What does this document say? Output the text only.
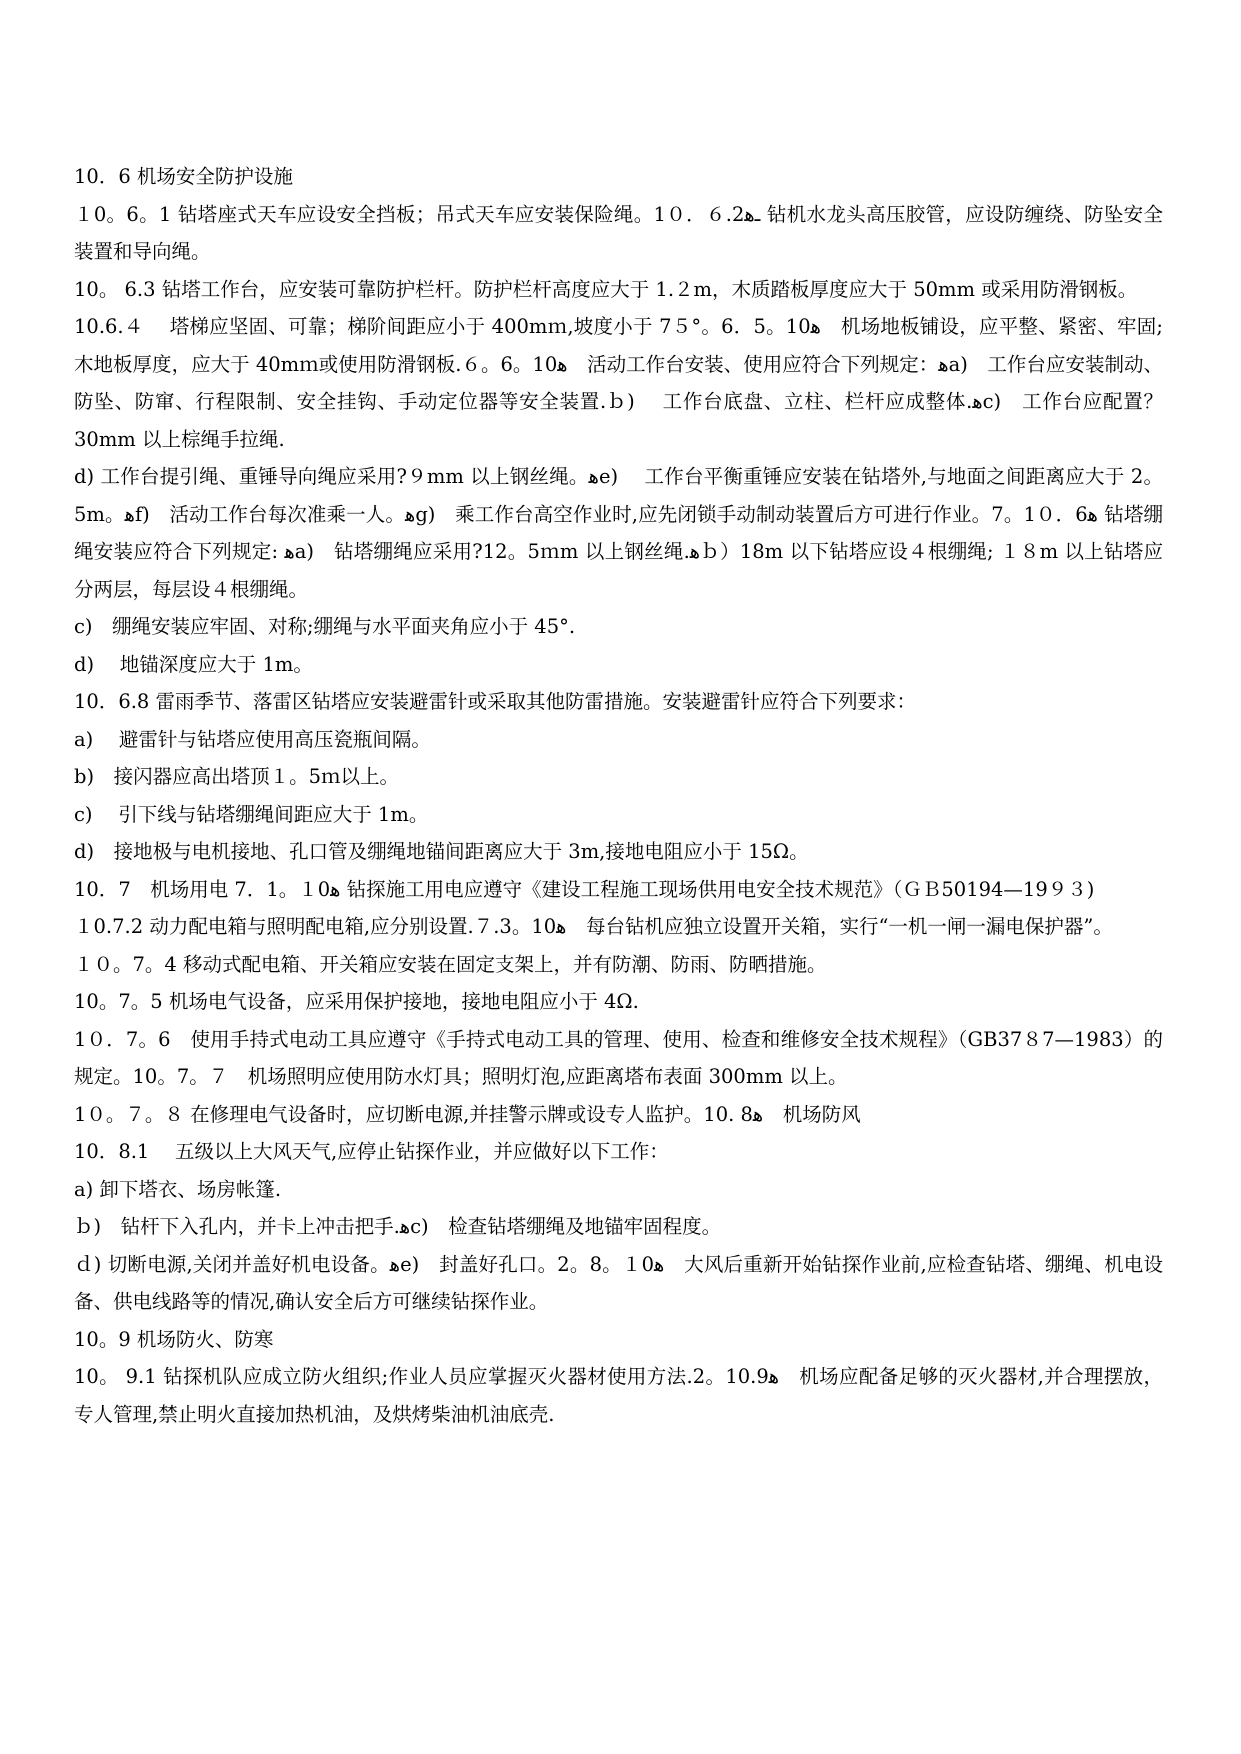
10．6 机场安全防护设施

１0。6。1 钻塔座式天车应设安全挡板；吊式天车应安装保险绳。1０．６.2ـﻫ 钻机水龙头高压胶管，应设防缠绕、防坠安全装置和导向绳。

10。 6.3 钻塔工作台，应安装可靠防护栏杆。防护栏杆高度应大于 1.２m，木质踏板厚度应大于 50mm 或采用防滑钢板。

10.6.４　 塔梯应坚固、可靠；梯阶间距应小于 400mｍ,坡度小于 7５°。6．5。10ﻫ　机场地板铺设，应平整、紧密、牢固;木地板厚度，应大于 40mｍ或使用防滑钢板.６。6。10ﻫ　活动工作台安装、使用应符合下列规定：ﻫa)　工作台应安装制动、防坠、防窜、行程限制、安全挂钩、手动定位器等安全装置.ｂ)　 工作台底盘、立柱、栏杆应成整体.ﻫc)　工作台应配置？30mm 以上棕绳手拉绳.

d) 工作台提引绳、重锤导向绳应采用?９mm 以上钢丝绳。ﻫe)　 工作台平衡重锤应安装在钻塔外,与地面之间距离应大于 2。5m。ﻫf)　活动工作台每次准乘一人。ﻫg)　乘工作台高空作业时,应先闭锁手动制动装置后方可进行作业。7。1０．6ﻫ 钻塔绷绳安装应符合下列规定: ﻫa)　钻塔绷绳应采用?12。5ｍm 以上钢丝绳.ﻫｂ）18m 以下钻塔应设４根绷绳; １８m 以上钻塔应分两层，每层设４根绷绳。

c)　绷绳安装应牢固、对称;绷绳与水平面夹角应小于 45°.

d)　 地锚深度应大于 1m。

10．6.8 雷雨季节、落雷区钻塔应安装避雷针或采取其他防雷措施。安装避雷针应符合下列要求：

a)　 避雷针与钻塔应使用高压瓷瓶间隔。

b)　接闪器应高出塔顶１。5ｍ以上。

c)　 引下线与钻塔绷绳间距应大于 1m。

d)　接地极与电机接地、孔口管及绷绳地锚间距离应大于 3m,接地电阻应小于 15Ω。

10．7　机场用电 7．1。１0ﻫ 钻探施工用电应遵守《建设工程施工现场供用电安全技术规范》（ＧＢ50194—19９３)

１0.7.2 动力配电箱与照明配电箱,应分别设置.７.3。10ﻫ　每台钻机应独立设置开关箱，实行“一机一闸一漏电保护器”。

１０。7。4 移动式配电箱、开关箱应安装在固定支架上，并有防潮、防雨、防晒措施。

10。7。5 机场电气设备，应采用保护接地，接地电阻应小于 4Ω.

1０．7。6　使用手持式电动工具应遵守《手持式电动工具的管理、使用、检查和维修安全技术规程》（GB37８7—1983）的规定。10。7。７　机场照明应使用防水灯具；照明灯泡,应距离塔布表面 300mm 以上。

1０。７。８ 在修理电气设备时，应切断电源,并挂警示牌或设专人监护。10. 8ﻫ　机场防风

10．8.1　 五级以上大风天气,应停止钻探作业，并应做好以下工作：

a) 卸下塔衣、场房帐篷.

ｂ)　钻杆下入孔内，并卡上冲击把手.ﻫc)　检查钻塔绷绳及地锚牢固程度。

ｄ) 切断电源,关闭并盖好机电设备。ﻫe)　封盖好孔口。2。8。１0ﻫ　大风后重新开始钻探作业前,应检查钻塔、绷绳、机电设备、供电线路等的情况,确认安全后方可继续钻探作业。

10。9 机场防火、防寒

10。 9.1 钻探机队应成立防火组织;作业人员应掌握灭火器材使用方法.2。10.9ﻫ　机场应配备足够的灭火器材,并合理摆放，专人管理,禁止明火直接加热机油，及烘烤柴油机油底壳.
